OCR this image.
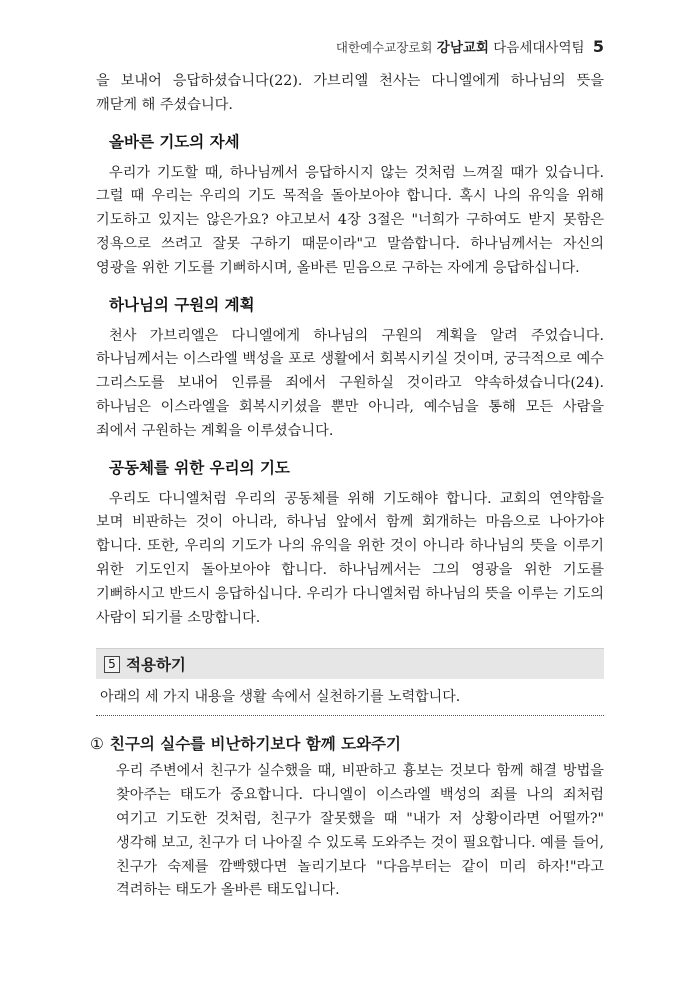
대한예수교장로회 강남교회 다음세대사역팀 5

을 보내어 응답하셨습니다(22). 가브리엘 천사는 다니엘에게 하나님의 뜻을 깨닫게 해 주셨습니다.

올바른 기도의 자세

우리가 기도할 때, 하나님께서 응답하시지 않는 것처럼 느껴질 때가 있습니다. 그럴 때 우리는 우리의 기도 목적을 돌아보아야 합니다. 혹시 나의 유익을 위해 기도하고 있지는 않은가요? 야고보서 4장 3절은 "너희가 구하여도 받지 못함은 정욕으로 쓰려고 잘못 구하기 때문이라"고 말씀합니다. 하나님께서는 자신의 영광을 위한 기도를 기뻐하시며, 올바른 믿음으로 구하는 자에게 응답하십니다.

하나님의 구원의 계획

천사 가브리엘은 다니엘에게 하나님의 구원의 계획을 알려 주었습니다. 하나님께서는 이스라엘 백성을 포로 생활에서 회복시키실 것이며, 궁극적으로 예수 그리스도를 보내어 인류를 죄에서 구원하실 것이라고 약속하셨습니다(24). 하나님은 이스라엘을 회복시키셨을 뿐만 아니라, 예수님을 통해 모든 사람을 죄에서 구원하는 계획을 이루셨습니다.

공동체를 위한 우리의 기도

우리도 다니엘처럼 우리의 공동체를 위해 기도해야 합니다. 교회의 연약함을 보며 비판하는 것이 아니라, 하나님 앞에서 함께 회개하는 마음으로 나아가야 합니다. 또한, 우리의 기도가 나의 유익을 위한 것이 아니라 하나님의 뜻을 이루기 위한 기도인지 돌아보아야 합니다. 하나님께서는 그의 영광을 위한 기도를 기뻐하시고 반드시 응답하십니다. 우리가 다니엘처럼 하나님의 뜻을 이루는 기도의 사람이 되기를 소망합니다.

5 적용하기

아래의 세 가지 내용을 생활 속에서 실천하기를 노력합니다.

① 친구의 실수를 비난하기보다 함께 도와주기

우리 주변에서 친구가 실수했을 때, 비판하고 흉보는 것보다 함께 해결 방법을 찾아주는 태도가 중요합니다. 다니엘이 이스라엘 백성의 죄를 나의 죄처럼 여기고 기도한 것처럼, 친구가 잘못했을 때 "내가 저 상황이라면 어떨까?" 생각해 보고, 친구가 더 나아질 수 있도록 도와주는 것이 필요합니다. 예를 들어, 친구가 숙제를 깜빡했다면 놀리기보다 "다음부터는 같이 미리 하자!"라고 격려하는 태도가 올바른 태도입니다.
